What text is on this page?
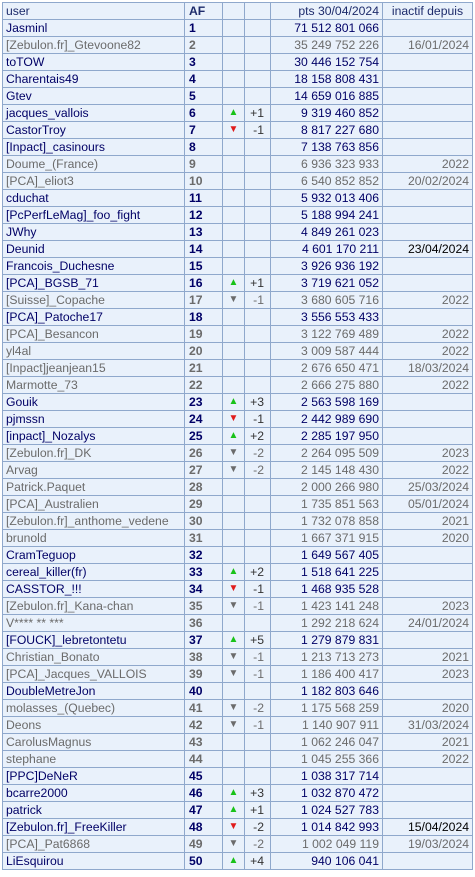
user	AF			pts 30/04/2024	inactif depuis
Jasminl	1			71 512 801 066	
[Zebulon.fr]_Gtevoone82	2			35 249 752 226	16/01/2024
toTOW	3			30 446 152 754	
Charentais49	4			18 158 808 431	
Gtev	5			14 659 016 885	
jacques_vallois	6	▲	+1	9 319 460 852	
CastorTroy	7	▼	-1	8 817 227 680	
[Inpact]_casinours	8			7 138 763 856	
Doume_(France)	9			6 936 323 933	2022
[PCA]_eliot3	10			6 540 852 852	20/02/2024
cduchat	11			5 932 013 406	
[PcPerfLeMag]_foo_fight	12			5 188 994 241	
JWhy	13			4 849 261 023	
Deunid	14			4 601 170 211	23/04/2024
Francois_Duchesne	15			3 926 936 192	
[PCA]_BGSB_71	16	▲	+1	3 719 621 052	
[Suisse]_Copache	17	▼	-1	3 680 605 716	2022
[PCA]_Patoche17	18			3 556 553 433	
[PCA]_Besancon	19			3 122 769 489	2022
yl4al	20			3 009 587 444	2022
[Inpact]jeanjean15	21			2 676 650 471	18/03/2024
Marmotte_73	22			2 666 275 880	2022
Gouik	23	▲	+3	2 563 598 169	
pjmssn	24	▼	-1	2 442 989 690	
[inpact]_Nozalys	25	▲	+2	2 285 197 950	
[Zebulon.fr]_DK	26	▼	-2	2 264 095 509	2023
Arvag	27	▼	-2	2 145 148 430	2022
Patrick.Paquet	28			2 000 266 980	25/03/2024
[PCA]_Australien	29			1 735 851 563	05/01/2024
[Zebulon.fr]_anthome_vedene	30			1 732 078 858	2021
brunold	31			1 667 371 915	2020
CramTeguop	32			1 649 567 405	
cereal_killer(fr)	33	▲	+2	1 518 641 225	
CASSTOR_!!!	34	▼	-1	1 468 935 528	
[Zebulon.fr]_Kana-chan	35	▼	-1	1 423 141 248	2023
V**** ** ***	36			1 292 218 624	24/01/2024
[FOUCK]_lebretontetu	37	▲	+5	1 279 879 831	
Christian_Bonato	38	▼	-1	1 213 713 273	2021
[PCA]_Jacques_VALLOIS	39	▼	-1	1 186 400 417	2023
DoubleMetreJon	40			1 182 803 646	
molasses_(Quebec)	41	▼	-2	1 175 568 259	2020
Deons	42	▼	-1	1 140 907 911	31/03/2024
CarolusMagnus	43			1 062 246 047	2021
stephane	44			1 045 255 366	2022
[PPC]DeNeR	45			1 038 317 714	
bcarre2000	46	▲	+3	1 032 870 472	
patrick	47	▲	+1	1 024 527 783	
[Zebulon.fr]_FreeKiller	48	▼	-2	1 014 842 993	15/04/2024
[PCA]_Pat6868	49	▼	-2	1 002 049 119	19/03/2024
LiEsquirou	50	▲	+4	940 106 041	
